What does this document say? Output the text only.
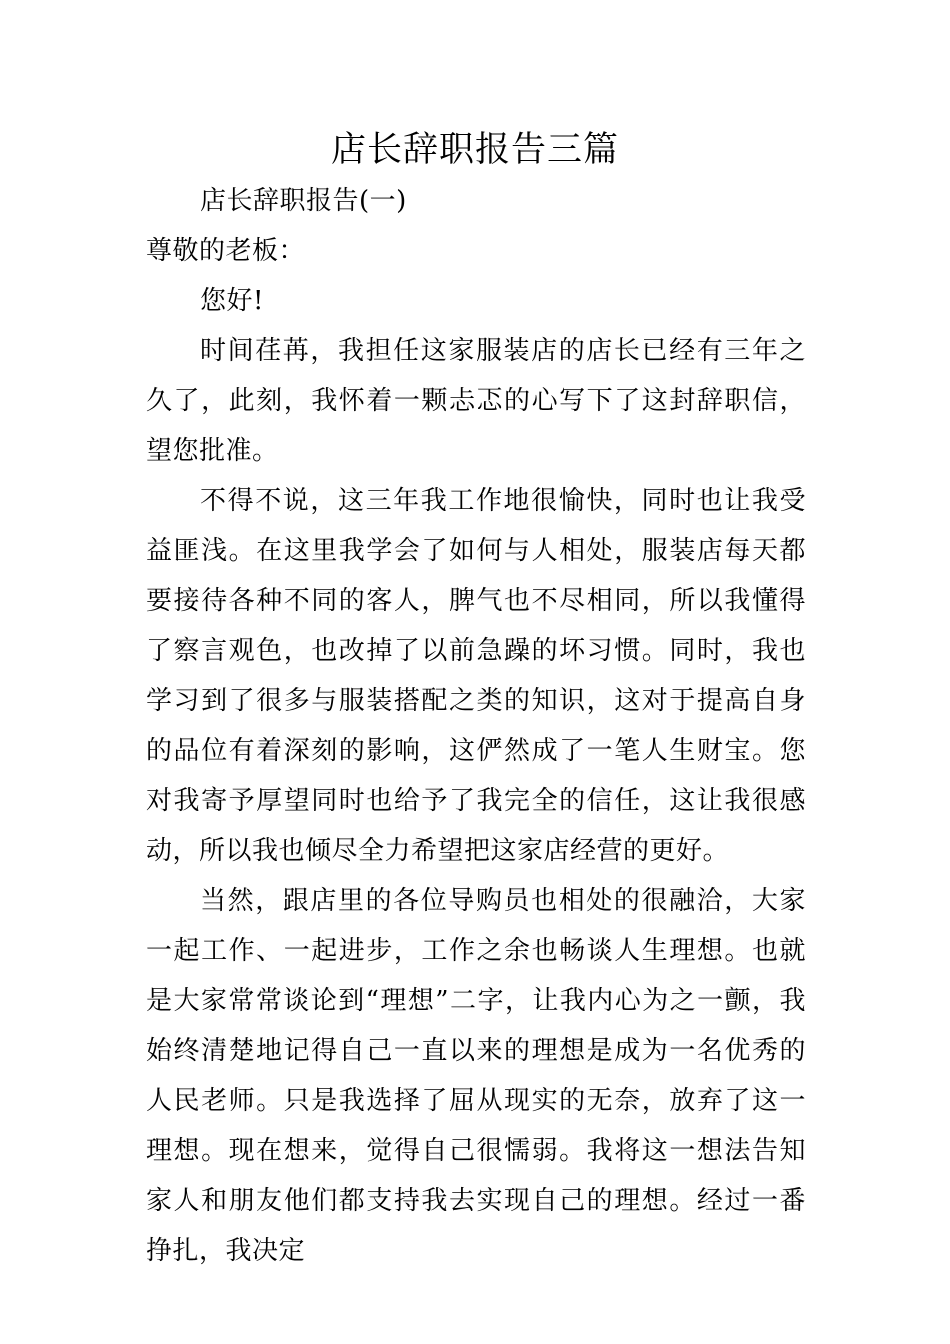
店长辞职报告三篇

店长辞职报告(一)

尊敬的老板：

您好!

时间荏苒，我担任这家服装店的店长已经有三年之久了，此刻，我怀着一颗忐忑的心写下了这封辞职信，望您批准。

不得不说，这三年我工作地很愉快，同时也让我受益匪浅。在这里我学会了如何与人相处，服装店每天都要接待各种不同的客人，脾气也不尽相同，所以我懂得了察言观色，也改掉了以前急躁的坏习惯。同时，我也学习到了很多与服装搭配之类的知识，这对于提高自身的品位有着深刻的影响，这俨然成了一笔人生财宝。您对我寄予厚望同时也给予了我完全的信任，这让我很感动，所以我也倾尽全力希望把这家店经营的更好。

当然，跟店里的各位导购员也相处的很融洽，大家一起工作、一起进步，工作之余也畅谈人生理想。也就是大家常常谈论到“理想”二字，让我内心为之一颤，我始终清楚地记得自己一直以来的理想是成为一名优秀的人民老师。只是我选择了屈从现实的无奈，放弃了这一理想。现在想来，觉得自己很懦弱。我将这一想法告知家人和朋友他们都支持我去实现自己的理想。经过一番挣扎，我决定
